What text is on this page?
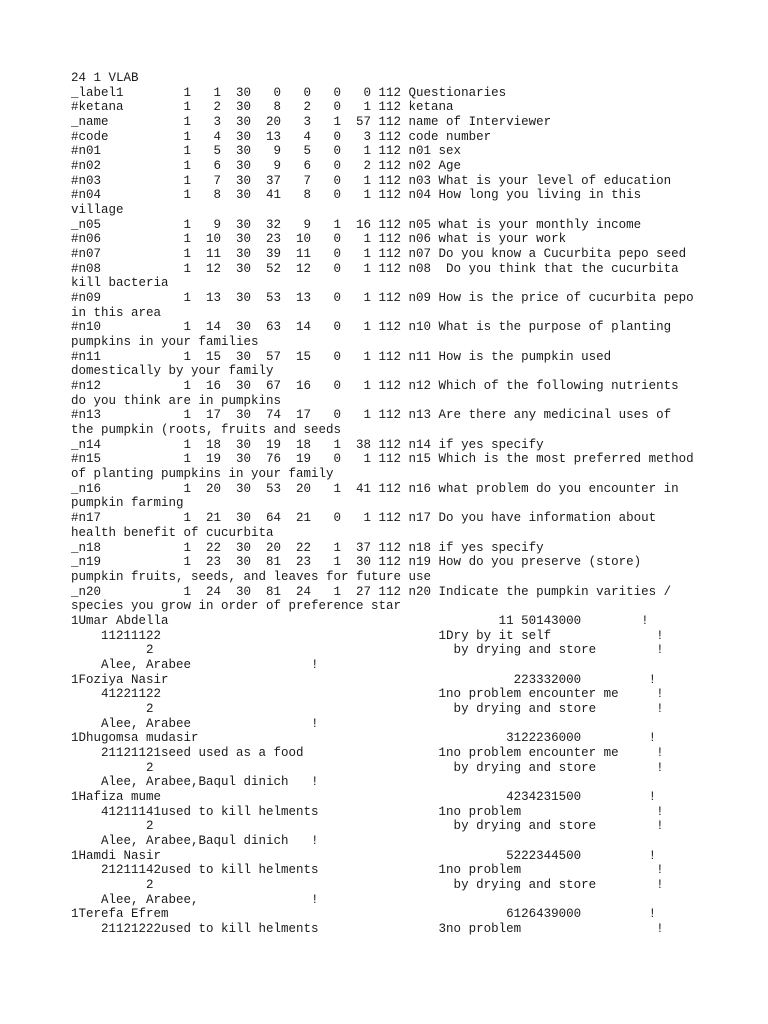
24 1 VLAB
_label1        1   1  30   0   0   0   0 112 Questionaries
#ketana        1   2  30   8   2   0   1 112 ketana
_name          1   3  30  20   3   1  57 112 name of Interviewer
#code          1   4  30  13   4   0   3 112 code number
#n01           1   5  30   9   5   0   1 112 n01 sex
#n02           1   6  30   9   6   0   2 112 n02 Age
#n03           1   7  30  37   7   0   1 112 n03 What is your level of education
#n04           1   8  30  41   8   0   1 112 n04 How long you living in this
village
_n05           1   9  30  32   9   1  16 112 n05 what is your monthly income
#n06           1  10  30  23  10   0   1 112 n06 what is your work
#n07           1  11  30  39  11   0   1 112 n07 Do you know a Cucurbita pepo seed
#n08           1  12  30  52  12   0   1 112 n08  Do you think that the cucurbita
kill bacteria
#n09           1  13  30  53  13   0   1 112 n09 How is the price of cucurbita pepo
in this area
#n10           1  14  30  63  14   0   1 112 n10 What is the purpose of planting
pumpkins in your families
#n11           1  15  30  57  15   0   1 112 n11 How is the pumpkin used
domestically by your family
#n12           1  16  30  67  16   0   1 112 n12 Which of the following nutrients
do you think are in pumpkins
#n13           1  17  30  74  17   0   1 112 n13 Are there any medicinal uses of
the pumpkin (roots, fruits and seeds
_n14           1  18  30  19  18   1  38 112 n14 if yes specify
#n15           1  19  30  76  19   0   1 112 n15 Which is the most preferred method
of planting pumpkins in your family
_n16           1  20  30  53  20   1  41 112 n16 what problem do you encounter in
pumpkin farming
#n17           1  21  30  64  21   0   1 112 n17 Do you have information about
health benefit of cucurbita
_n18           1  22  30  20  22   1  37 112 n18 if yes specify
_n19           1  23  30  81  23   1  30 112 n19 How do you preserve (store)
pumpkin fruits, seeds, and leaves for future use
_n20           1  24  30  81  24   1  27 112 n20 Indicate the pumpkin varities /
species you grow in order of preference star
1Umar Abdella                                            11 50143000        !
11211122                                     1Dry by it self              !
2                                        by drying and store        !
Alee, Arabee                !
1Foziya Nasir                                              223332000         !
41221122                                     1no problem encounter me     !
2                                        by drying and store        !
Alee, Arabee                !
1Dhugomsa mudasir                                         3122236000         !
21121121seed used as a food                  1no problem encounter me     !
2                                        by drying and store        !
Alee, Arabee,Baqul dinich   !
1Hafiza mume                                              4234231500         !
41211141used to kill helments                1no problem                  !
2                                        by drying and store        !
Alee, Arabee,Baqul dinich   !
1Hamdi Nasir                                              5222344500         !
21211142used to kill helments                1no problem                  !
2                                        by drying and store        !
Alee, Arabee,               !
1Terefa Efrem                                             6126439000         !
21121222used to kill helments                3no problem                  !
